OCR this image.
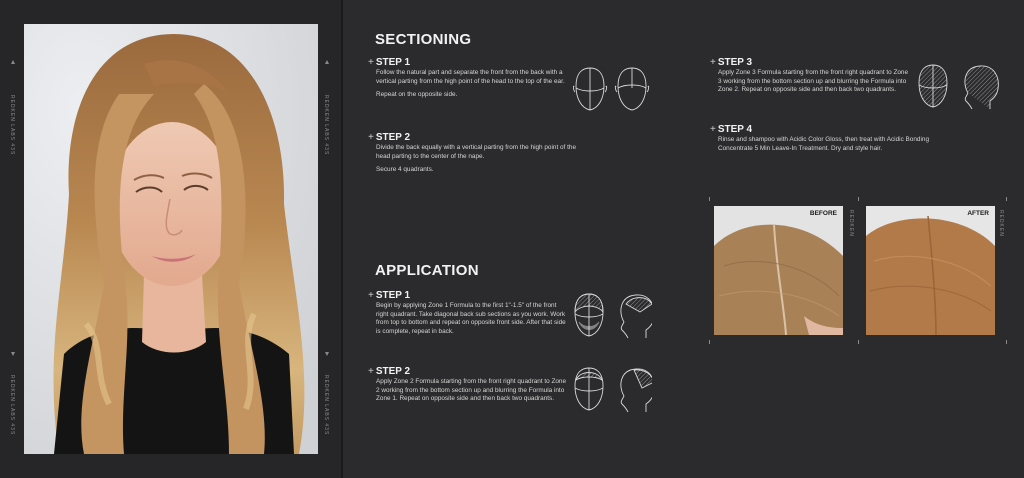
REDKEN LABS 43S
REDKEN LABS 43S
REDKEN LABS 43S
REDKEN LABS 43S
SECTIONING
+ STEP 1

Follow the natural part and separate the front from the back with a vertical parting from the high point of the head to the top of the ear.

Repeat on the opposite side.

+ STEP 2

Divide the back equally with a vertical parting from the high point of the head parting to the center of the nape.

Secure 4 quadrants.

+ STEP 3

Apply Zone 3 Formula starting from the front right quadrant to Zone 3 working from the bottom section up and blurring the Formula into Zone 2. Repeat on opposite side and then back two quadrants.

+ STEP 4

Rinse and shampoo with Acidic Color Gloss, then treat with Acidic Bonding Concentrate 5 Min Leave-In Treatment. Dry and style hair.

BEFORE REDKEN	AFTER REDKEN
APPLICATION
+ STEP 1

Begin by applying Zone 1 Formula to the first 1"-1.5" of the front right quadrant. Take diagonal back sub sections as you work. Work from top to bottom and repeat on opposite front side. After that side is complete, repeat in back.

+ STEP 2

Apply Zone 2 Formula starting from the front right quadrant to Zone 2 working from the bottom section up and blurring the Formula into Zone 1. Repeat on opposite side and then back two quadrants.
